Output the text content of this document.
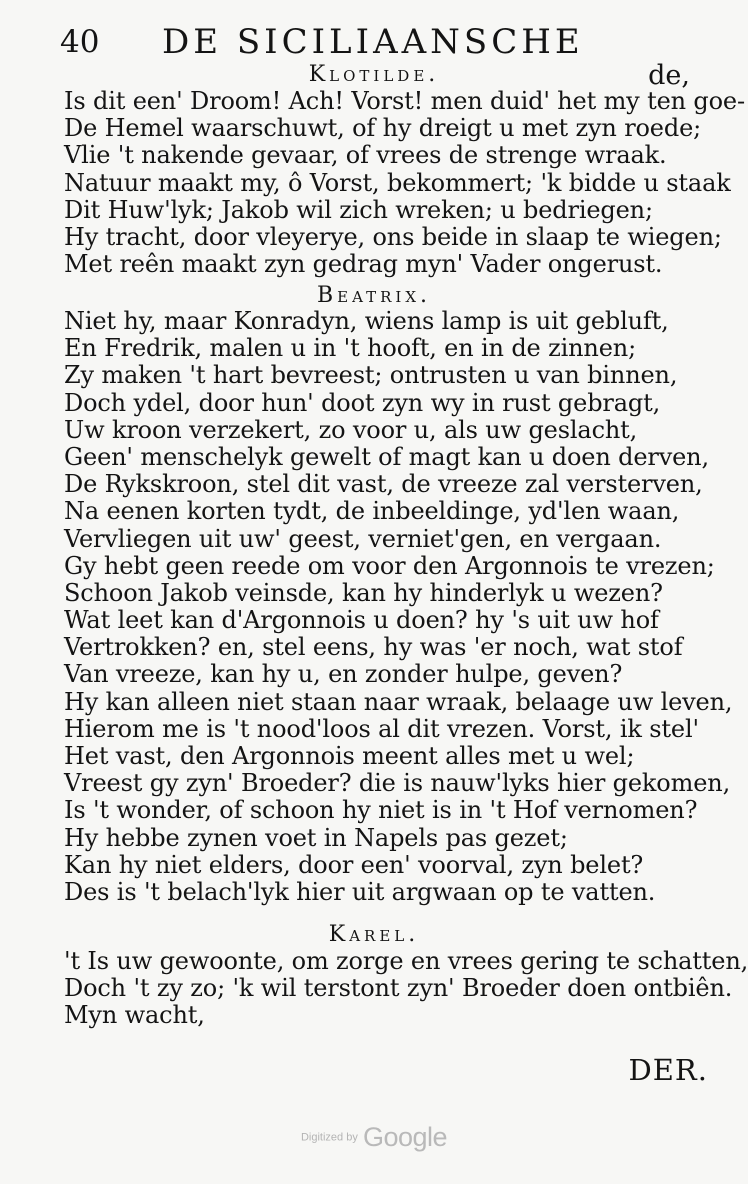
40 DE SICILIAANSCHE
Klotilde.	de,
Is dit een' Droom! Ach! Vorst! men duid' het my ten goe-
De Hemel waarschuwt, of hy dreigt u met zyn roede;
Vlie 't nakende gevaar, of vrees de strenge wraak.
Natuur maakt my, ô Vorst, bekommert; 'k bidde u staak
Dit Huw'lyk; Jakob wil zich wreken; u bedriegen;
Hy tracht, door vleyerye, ons beide in slaap te wiegen;
Met reên maakt zyn gedrag myn' Vader ongerust.
Beatrix.
Niet hy, maar Konradyn, wiens lamp is uit gebluft,
En Fredrik, malen u in 't hooft, en in de zinnen;
Zy maken 't hart bevreest; ontrusten u van binnen,
Doch ydel, door hun' doot zyn wy in rust gebragt,
Uw kroon verzekert, zo voor u, als uw geslacht,
Geen' menschelyk gewelt of magt kan u doen derven,
De Rykskroon, stel dit vast, de vreeze zal versterven,
Na eenen korten tydt, de inbeeldinge, yd'len waan,
Vervliegen uit uw' geest, verniet'gen, en vergaan.
Gy hebt geen reede om voor den Argonnois te vrezen;
Schoon Jakob veinsde, kan hy hinderlyk u wezen?
Wat leet kan d'Argonnois u doen? hy 's uit uw hof
Vertrokken? en, stel eens, hy was 'er noch, wat stof
Van vreeze, kan hy u, en zonder hulpe, geven?
Hy kan alleen niet staan naar wraak, belaage uw leven,
Hierom me is 't nood'loos al dit vrezen. Vorst, ik stel'
Het vast, den Argonnois meent alles met u wel;
Vreest gy zyn' Broeder? die is nauw'lyks hier gekomen,
Is 't wonder, of schoon hy niet is in 't Hof vernomen?
Hy hebbe zynen voet in Napels pas gezet;
Kan hy niet elders, door een' voorval, zyn belet?
Des is 't belach'lyk hier uit argwaan op te vatten.
Karel.
't Is uw gewoonte, om zorge en vrees gering te schatten,
Doch 't zy zo; 'k wil terstont zyn' Broeder doen ontbiên.
Myn wacht,
DER.
Digitized by Google
